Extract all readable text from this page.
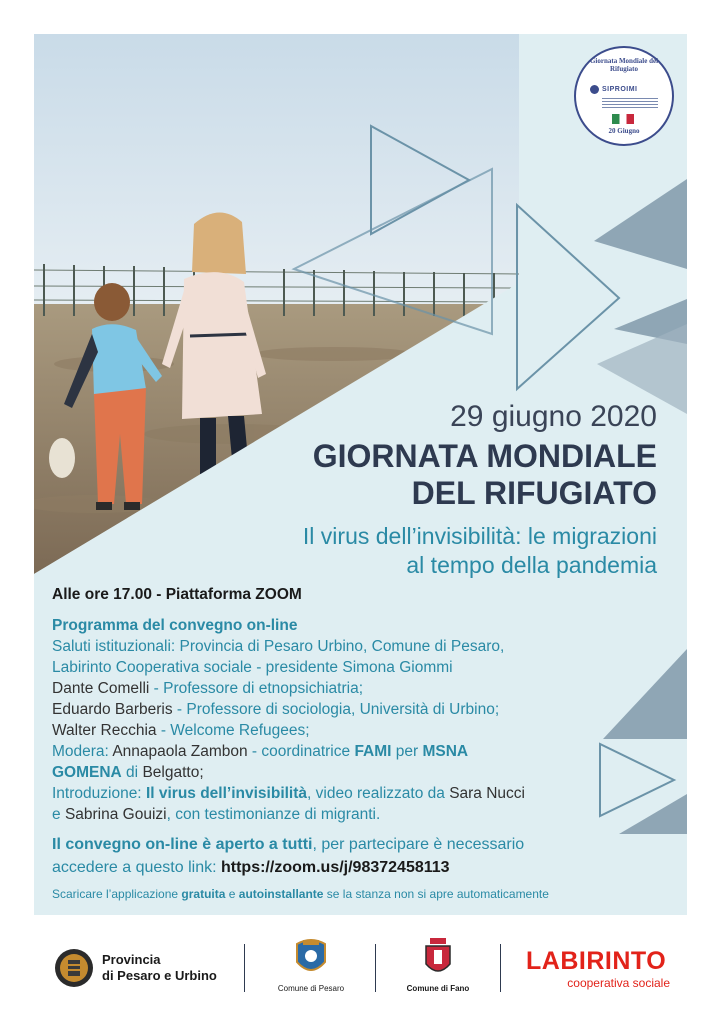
Giornata Mondiale del Rifugiato
SIPROIMI
20 Giugno
29 giugno 2020
GIORNATA MONDIALE
DEL RIFUGIATO
Il virus dell’invisibilità: le migrazioni
al tempo della pandemia
Alle ore 17.00 - Piattaforma ZOOM
Programma del convegno on-line
Saluti istituzionali: Provincia di Pesaro Urbino, Comune di Pesaro,
Labirinto Cooperativa sociale - presidente Simona Giommi
Dante Comelli - Professore di etnopsichiatria;
Eduardo Barberis - Professore di sociologia, Università di Urbino;
Walter Recchia - Welcome Refugees;
Modera: Annapaola Zambon - coordinatrice FAMI per MSNA
GOMENA di Belgatto;
Introduzione: Il virus dell’invisibilità, video realizzato da Sara Nucci
e Sabrina Gouizi, con testimonianze di migranti.
Il convegno on-line è aperto a tutti, per partecipare è necessario
accedere a questo link: https://zoom.us/j/98372458113
Scaricare l’applicazione gratuita e autoinstallante se la stanza non si apre automaticamente
Provincia
di Pesaro e Urbino
Comune di Pesaro	Comune di Fano
LABIRINTO
cooperativa sociale
